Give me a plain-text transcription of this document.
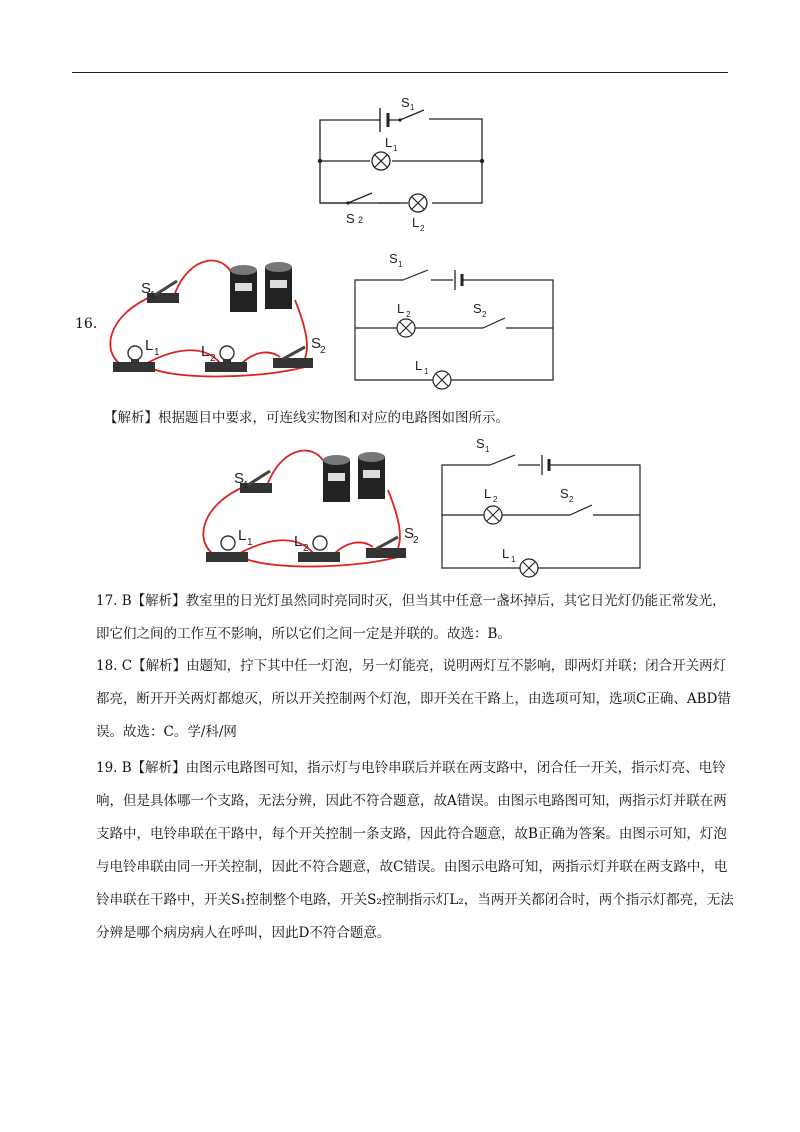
S 1
L 1
S 2	L 2
16.
S
1
L 1	L 2
S
2
S 1
L 2	S 2
L 1
【解析】根据题目中要求，可连线实物图和对应的电路图如图所示。
S
1
L 1	L 2
S
2
S 1
L 2	S 2
L 1
17. B【解析】教室里的日光灯虽然同时亮同时灭，但当其中任意一盏坏掉后，其它日光灯仍能正常发光，即它们之间的工作互不影响，所以它们之间一定是并联的。故选：B。
18. C【解析】由题知，拧下其中任一灯泡，另一灯能亮，说明两灯互不影响，即两灯并联；闭合开关两灯都亮，断开开关两灯都熄灭，所以开关控制两个灯泡，即开关在干路上，由选项可知，选项C正确、ABD错误。故选：C。学/科/网
19. B【解析】由图示电路图可知，指示灯与电铃串联后并联在两支路中，闭合任一开关，指示灯亮、电铃响，但是具体哪一个支路，无法分辨，因此不符合题意，故A错误。由图示电路图可知，两指示灯并联在两支路中，电铃串联在干路中，每个开关控制一条支路，因此符合题意，故B正确为答案。由图示可知，灯泡与电铃串联由同一开关控制，因此不符合题意，故C错误。由图示电路可知，两指示灯并联在两支路中，电铃串联在干路中，开关S₁控制整个电路，开关S₂控制指示灯L₂，当两开关都闭合时，两个指示灯都亮，无法分辨是哪个病房病人在呼叫，因此D不符合题意。
